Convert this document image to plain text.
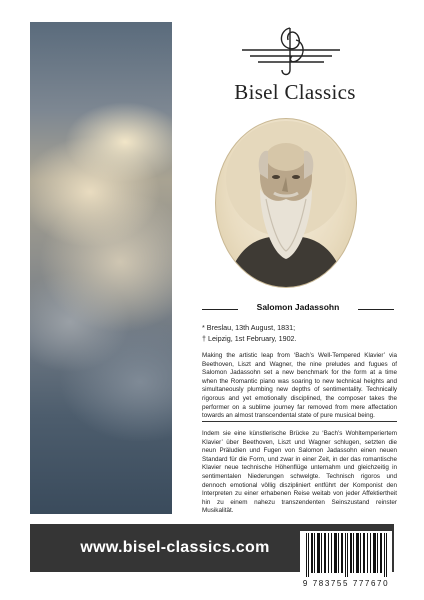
Bisel Classics
Salomon Jadassohn
* Breslau, 13th August, 1831;
† Leipzig, 1st February, 1902.
Making the artistic leap from ‘Bach’s Well-Tempered Klavier’ via Beethoven, Liszt and Wagner, the nine preludes and fugues of Salomon Jadassohn set a new benchmark for the form at a time when the Romantic piano was soaring to new technical heights and simultaneously plumbing new depths of sentimentality. Technically rigorous and yet emotionally disciplined, the composer takes the performer on a sublime journey far removed from mere affectation towards an almost transcendental state of pure musical being.
Indem sie eine künstlerische Brücke zu ‘Bach’s Wohltemperiertem Klavier’ über Beethoven, Liszt und Wagner schlugen, setzten die neun Präludien und Fugen von Salomon Jadassohn einen neuen Standard für die Form, und zwar in einer Zeit, in der das romantische Klavier neue technische Höhenflüge unternahm und gleichzeitig in sentimentalen Niederungen schwelgte. Technisch rigoros und dennoch emotional völlig diszipliniert entführt der Komponist den Interpreten zu einer erhabenen Reise weitab von jeder Affektiertheit hin zu einem nahezu transzendenten Seinszustand reinster Musikalität.
www.bisel-classics.com
9 783755 777670
